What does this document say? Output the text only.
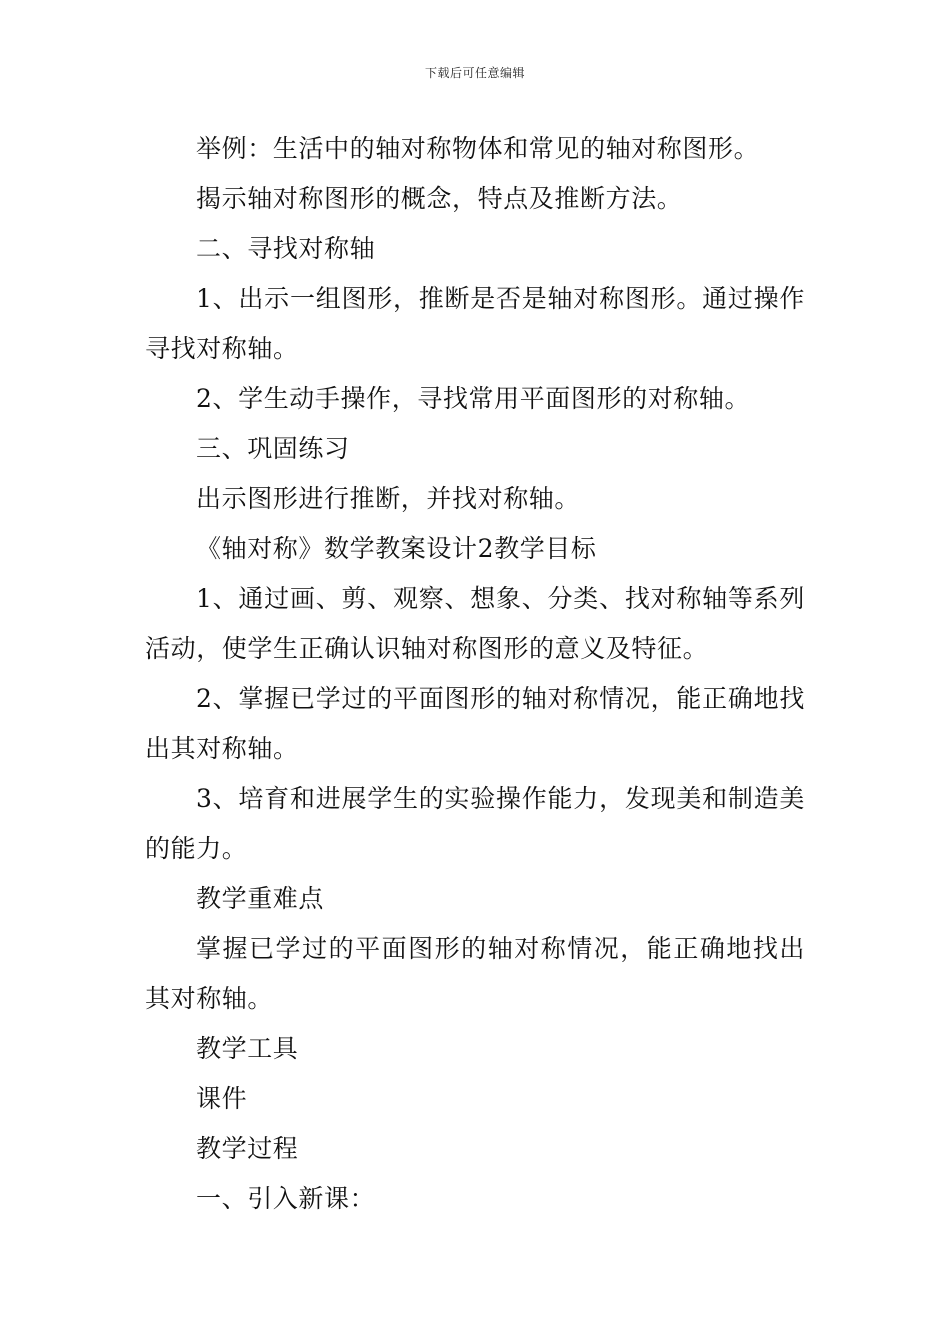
下载后可任意编辑

举例：生活中的轴对称物体和常见的轴对称图形。

揭示轴对称图形的概念，特点及推断方法。

二、寻找对称轴

1、出示一组图形，推断是否是轴对称图形。通过操作寻找对称轴。

2、学生动手操作，寻找常用平面图形的对称轴。

三、巩固练习

出示图形进行推断，并找对称轴。

《轴对称》数学教案设计2教学目标

1、通过画、剪、观察、想象、分类、找对称轴等系列活动，使学生正确认识轴对称图形的意义及特征。

2、掌握已学过的平面图形的轴对称情况，能正确地找出其对称轴。

3、培育和进展学生的实验操作能力，发现美和制造美的能力。

教学重难点

掌握已学过的平面图形的轴对称情况，能正确地找出其对称轴。

教学工具

课件

教学过程

一、引入新课：
